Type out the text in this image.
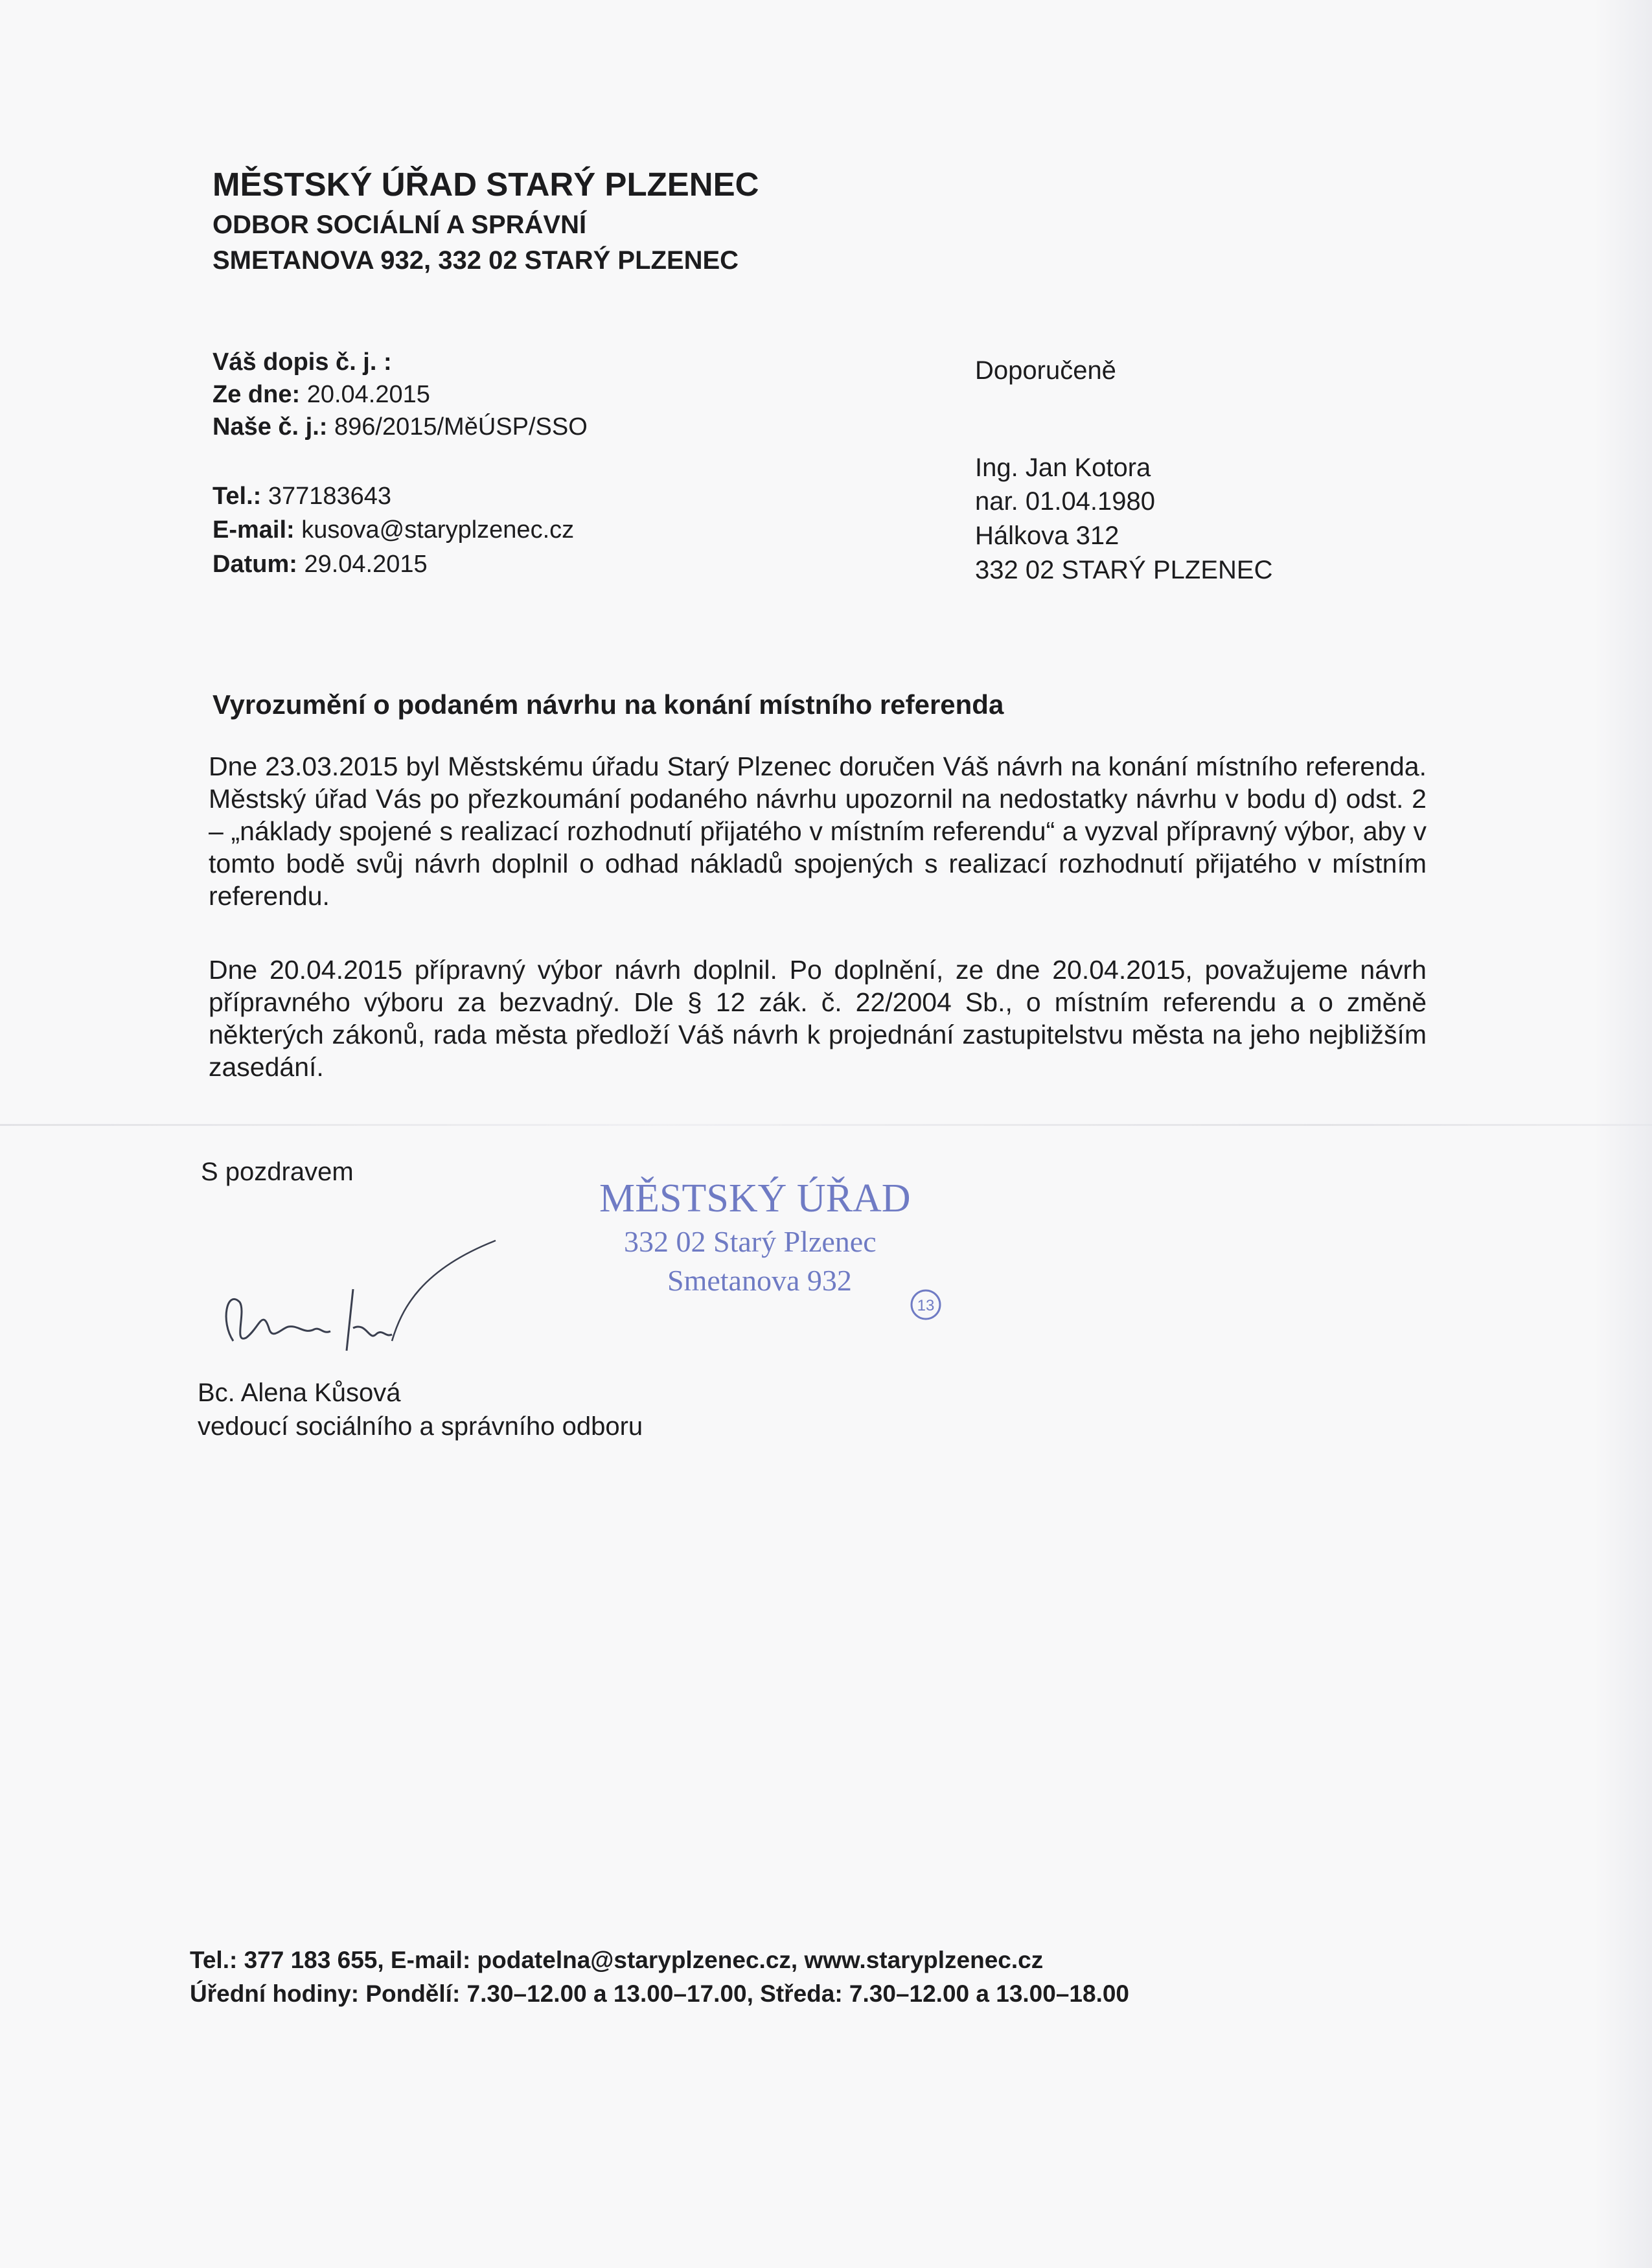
MĚSTSKÝ ÚŘAD STARÝ PLZENEC
ODBOR SOCIÁLNÍ A SPRÁVNÍ
SMETANOVA 932, 332 02 STARÝ PLZENEC
Váš dopis č. j. :
Ze dne: 20.04.2015
Naše č. j.: 896/2015/MěÚSP/SSO
Tel.: 377183643
E-mail: kusova@staryplzenec.cz
Datum: 29.04.2015
Doporučeně
Ing. Jan Kotora
nar. 01.04.1980
Hálkova 312
332 02 STARÝ PLZENEC
Vyrozumění o podaném návrhu na konání místního referenda

Dne 23.03.2015 byl Městskému úřadu Starý Plzenec doručen Váš návrh na konání místního referenda. Městský úřad Vás po přezkoumání podaného návrhu upozornil na nedostatky návrhu v bodu d) odst. 2 – „náklady spojené s realizací rozhodnutí přijatého v místním referendu“ a vyzval přípravný výbor, aby v tomto bodě svůj návrh doplnil o odhad nákladů spojených s realizací rozhodnutí přijatého v místním referendu.

Dne 20.04.2015 přípravný výbor návrh doplnil. Po doplnění, ze dne 20.04.2015, považujeme návrh přípravného výboru za bezvadný. Dle § 12 zák. č. 22/2004 Sb., o místním referendu a o změně některých zákonů, rada města předloží Váš návrh k projednání zastupitelstvu města na jeho nejbližším zasedání.

S pozdravem
Bc. Alena Kůsová
vedoucí sociálního a správního odboru
MĚSTSKÝ ÚŘAD
332 02 Starý Plzenec
Smetanova 932
13
Tel.: 377 183 655, E-mail: podatelna@staryplzenec.cz, www.staryplzenec.cz
Úřední hodiny: Pondělí: 7.30–12.00 a 13.00–17.00, Středa: 7.30–12.00 a 13.00–18.00
